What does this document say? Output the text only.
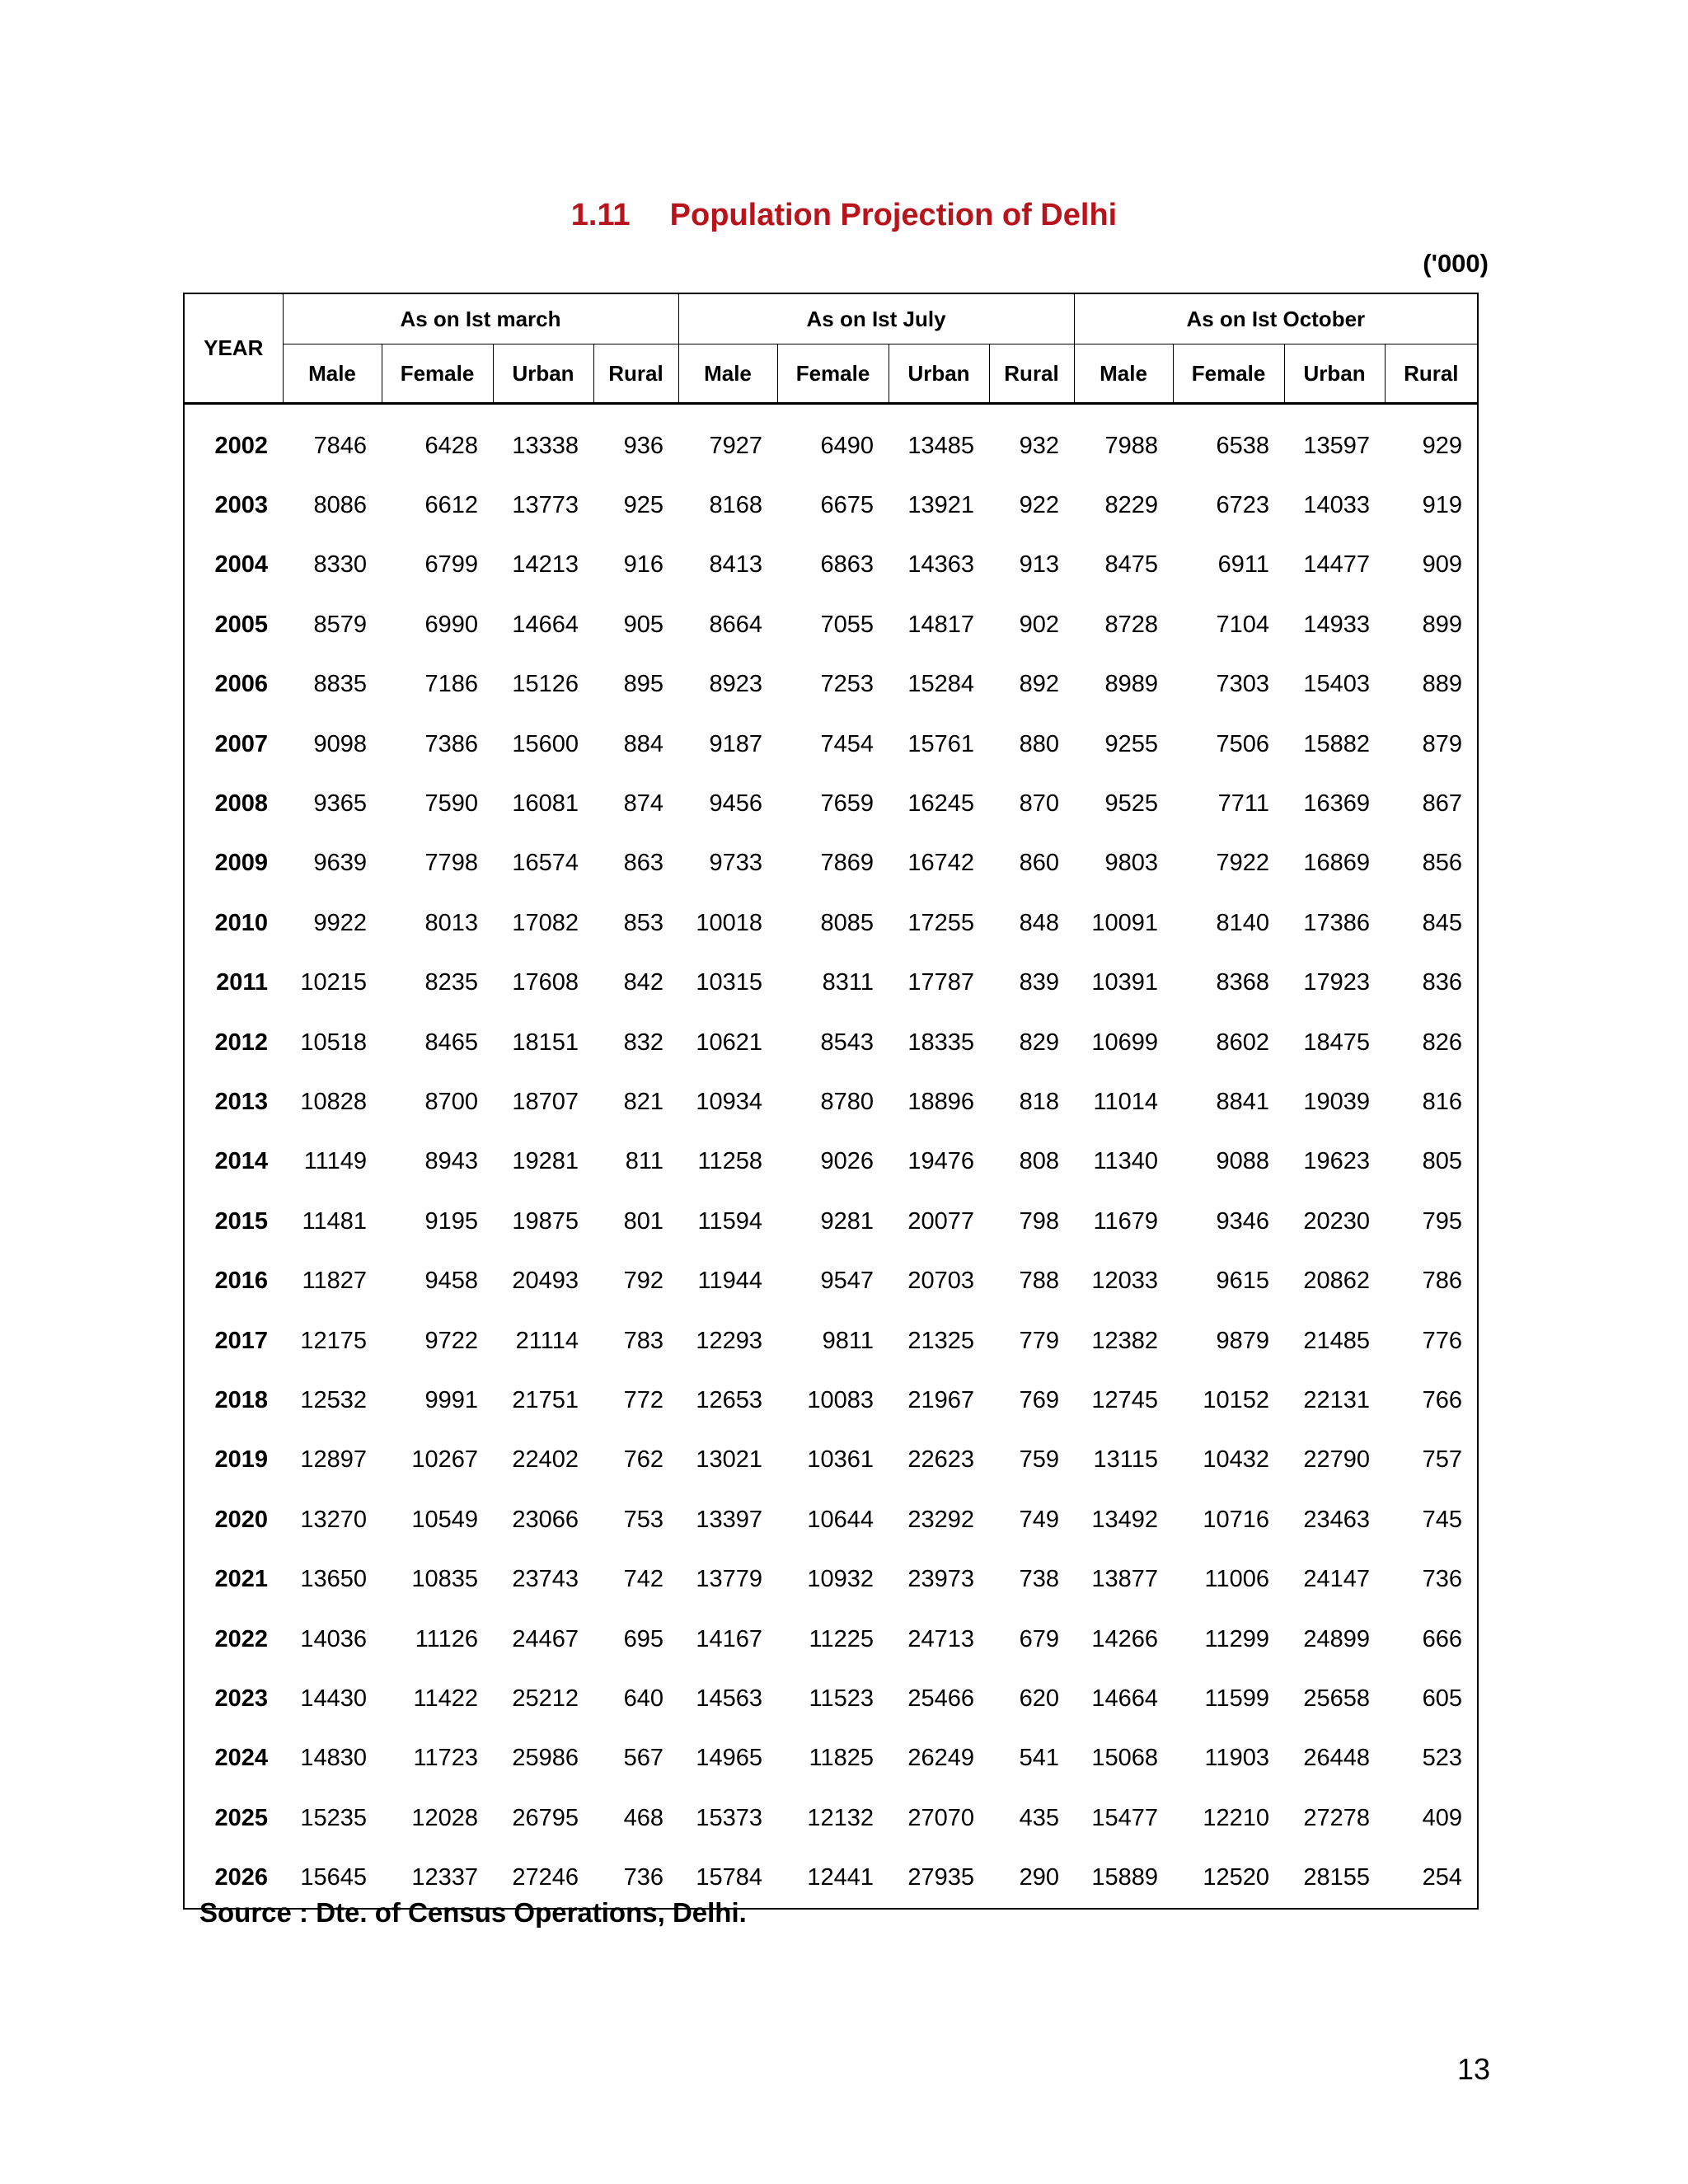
1.11 Population Projection of Delhi
('000)
YEAR	As on Ist march				As on Ist July				As on Ist October			
	Male	Female	Urban	Rural	Male	Female	Urban	Rural	Male	Female	Urban	Rural
2002	7846	6428	13338	936	7927	6490	13485	932	7988	6538	13597	929
2003	8086	6612	13773	925	8168	6675	13921	922	8229	6723	14033	919
2004	8330	6799	14213	916	8413	6863	14363	913	8475	6911	14477	909
2005	8579	6990	14664	905	8664	7055	14817	902	8728	7104	14933	899
2006	8835	7186	15126	895	8923	7253	15284	892	8989	7303	15403	889
2007	9098	7386	15600	884	9187	7454	15761	880	9255	7506	15882	879
2008	9365	7590	16081	874	9456	7659	16245	870	9525	7711	16369	867
2009	9639	7798	16574	863	9733	7869	16742	860	9803	7922	16869	856
2010	9922	8013	17082	853	10018	8085	17255	848	10091	8140	17386	845
2011	10215	8235	17608	842	10315	8311	17787	839	10391	8368	17923	836
2012	10518	8465	18151	832	10621	8543	18335	829	10699	8602	18475	826
2013	10828	8700	18707	821	10934	8780	18896	818	11014	8841	19039	816
2014	11149	8943	19281	811	11258	9026	19476	808	11340	9088	19623	805
2015	11481	9195	19875	801	11594	9281	20077	798	11679	9346	20230	795
2016	11827	9458	20493	792	11944	9547	20703	788	12033	9615	20862	786
2017	12175	9722	21114	783	12293	9811	21325	779	12382	9879	21485	776
2018	12532	9991	21751	772	12653	10083	21967	769	12745	10152	22131	766
2019	12897	10267	22402	762	13021	10361	22623	759	13115	10432	22790	757
2020	13270	10549	23066	753	13397	10644	23292	749	13492	10716	23463	745
2021	13650	10835	23743	742	13779	10932	23973	738	13877	11006	24147	736
2022	14036	11126	24467	695	14167	11225	24713	679	14266	11299	24899	666
2023	14430	11422	25212	640	14563	11523	25466	620	14664	11599	25658	605
2024	14830	11723	25986	567	14965	11825	26249	541	15068	11903	26448	523
2025	15235	12028	26795	468	15373	12132	27070	435	15477	12210	27278	409
2026	15645	12337	27246	736	15784	12441	27935	290	15889	12520	28155	254
Source : Dte. of Census Operations, Delhi.
13
